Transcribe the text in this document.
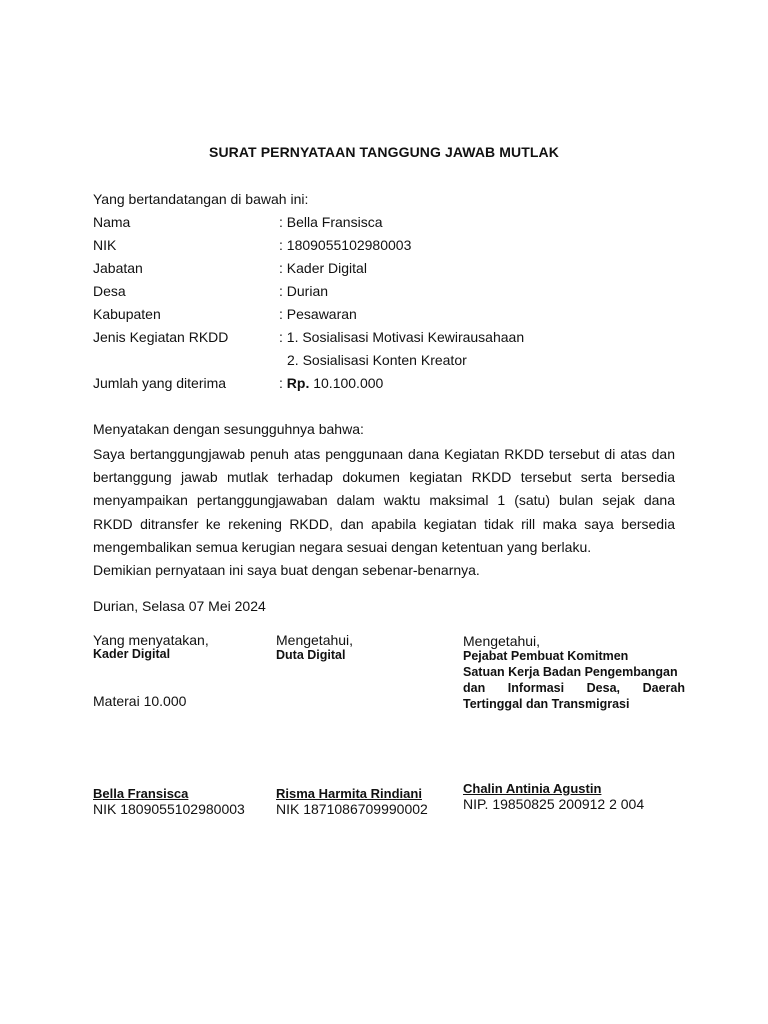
SURAT PERNYATAAN TANGGUNG JAWAB MUTLAK
Yang bertandatangan di bawah ini:
Nama	: Bella Fransisca
NIK	: 1809055102980003
Jabatan	: Kader Digital
Desa	: Durian
Kabupaten	: Pesawaran
Jenis Kegiatan RKDD	: 1. Sosialisasi Motivasi Kewirausahaan
2. Sosialisasi Konten Kreator
Jumlah yang diterima	: Rp. 10.100.000
Menyatakan dengan sesungguhnya bahwa:
Saya bertanggungjawab penuh atas penggunaan dana Kegiatan RKDD tersebut di atas dan
bertanggung jawab mutlak terhadap dokumen kegiatan RKDD tersebut serta bersedia
menyampaikan pertanggungjawaban dalam waktu maksimal 1 (satu) bulan sejak dana
RKDD ditransfer ke rekening RKDD, dan apabila kegiatan tidak rill maka saya bersedia
mengembalikan semua kerugian negara sesuai dengan ketentuan yang berlaku.
Demikian pernyataan ini saya buat dengan sebenar-benarnya.
Durian, Selasa 07 Mei 2024
Yang menyatakan,
Kader Digital
Materai 10.000
Bella Fransisca
NIK 1809055102980003
Mengetahui,
Duta Digital
Risma Harmita Rindiani
NIK 1871086709990002
Mengetahui,
Pejabat Pembuat Komitmen
Satuan Kerja Badan Pengembangan
dan Informasi Desa, Daerah
Tertinggal dan Transmigrasi
Chalin Antinia Agustin
NIP. 19850825 200912 2 004
